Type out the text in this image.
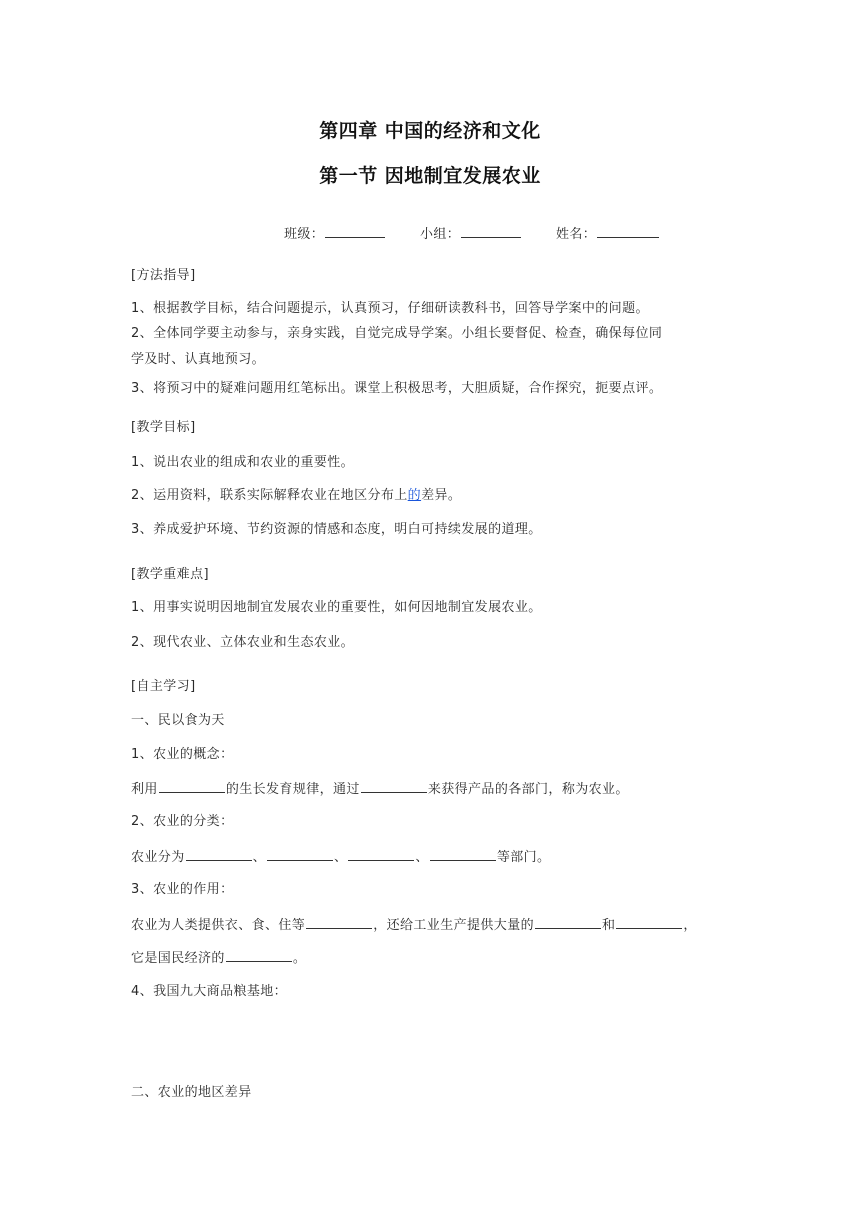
第四章 中国的经济和文化
第一节 因地制宜发展农业
班级：	小组：	姓名：
[方法指导]
1、根据教学目标，结合问题提示，认真预习，仔细研读教科书，回答导学案中的问题。
2、全体同学要主动参与，亲身实践，自觉完成导学案。小组长要督促、检查，确保每位同
学及时、认真地预习。
3、将预习中的疑难问题用红笔标出。课堂上积极思考，大胆质疑，合作探究，扼要点评。
[教学目标]
1、说出农业的组成和农业的重要性。
2、运用资料，联系实际解释农业在地区分布上的差异。
3、养成爱护环境、节约资源的情感和态度，明白可持续发展的道理。
[教学重难点]
1、用事实说明因地制宜发展农业的重要性，如何因地制宜发展农业。
2、现代农业、立体农业和生态农业。
[自主学习]
一、民以食为天
1、农业的概念：
利用	的生长发育规律，通过	来获得产品的各部门，称为农业。
2、农业的分类：
农业分为	、	、	、	等部门。
3、农业的作用：
农业为人类提供衣、食、住等	，还给工业生产提供大量的	和	，
它是国民经济的	。
4、我国九大商品粮基地：
二、农业的地区差异
